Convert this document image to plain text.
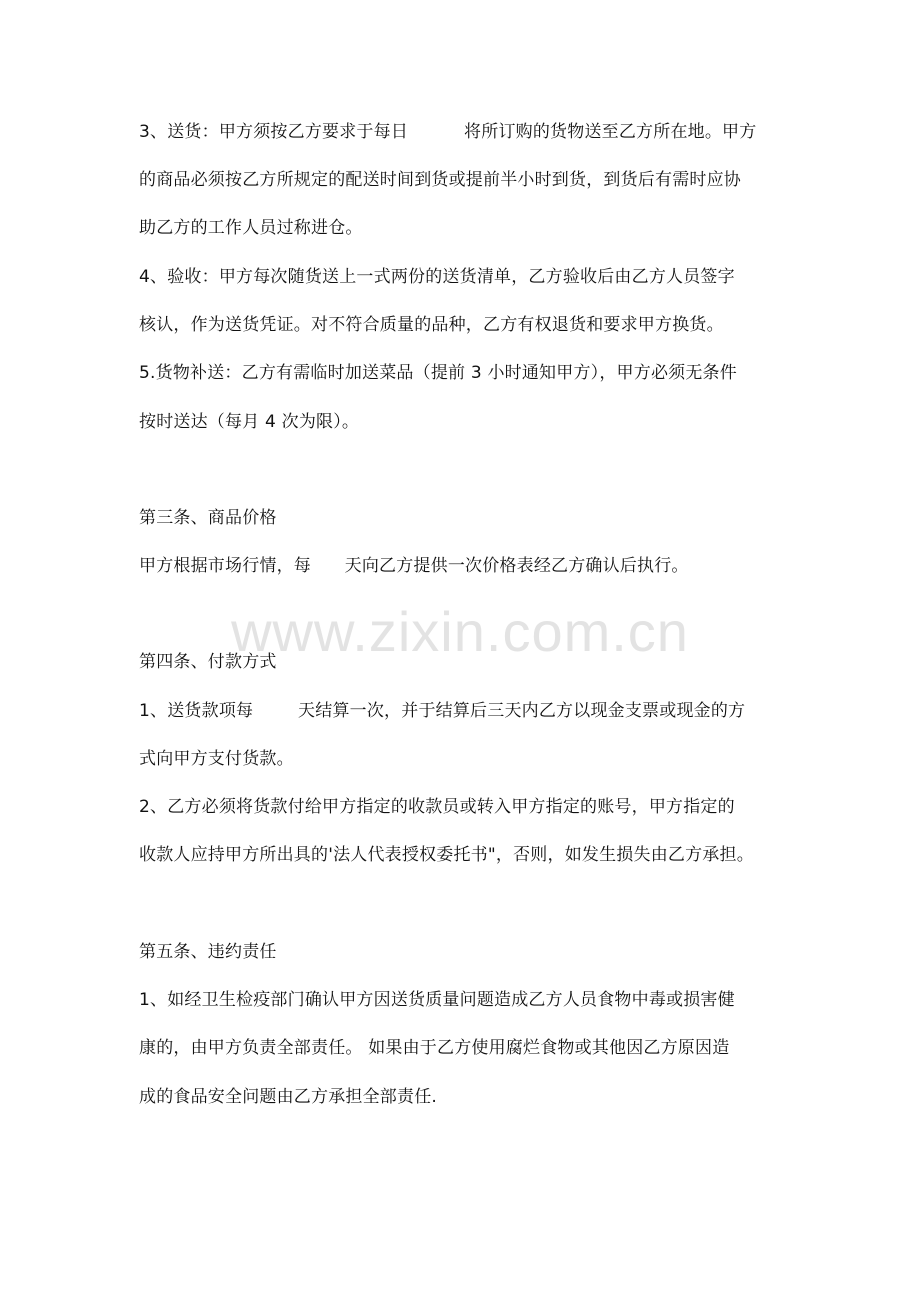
www.zixin.com.cn
3、送货：甲方须按乙方要求于每日          将所订购的货物送至乙方所在地。甲方
的商品必须按乙方所规定的配送时间到货或提前半小时到货，到货后有需时应协
助乙方的工作人员过称进仓。
4、验收：甲方每次随货送上一式两份的送货清单，乙方验收后由乙方人员签字
核认，作为送货凭证。对不符合质量的品种，乙方有权退货和要求甲方换货。
5.货物补送：乙方有需临时加送菜品（提前 3 小时通知甲方），甲方必须无条件
按时送达（每月 4 次为限）。
第三条、商品价格
甲方根据市场行情，每      天向乙方提供一次价格表经乙方确认后执行。
第四条、付款方式
1、送货款项每        天结算一次，并于结算后三天内乙方以现金支票或现金的方
式向甲方支付货款。
2、乙方必须将货款付给甲方指定的收款员或转入甲方指定的账号，甲方指定的
收款人应持甲方所出具的'法人代表授权委托书"，否则，如发生损失由乙方承担。
第五条、违约责任
1、如经卫生检疫部门确认甲方因送货质量问题造成乙方人员食物中毒或损害健
康的，由甲方负责全部责任。 如果由于乙方使用腐烂食物或其他因乙方原因造
成的食品安全问题由乙方承担全部责任.
